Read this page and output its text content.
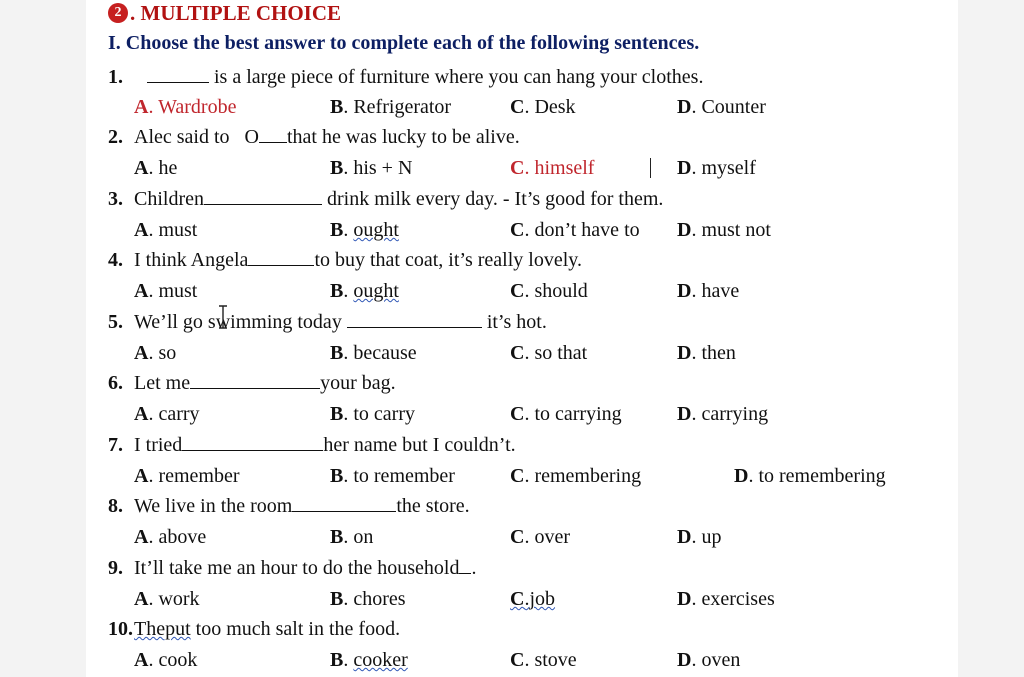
2 . MULTIPLE CHOICE
I. Choose the best answer to complete each of the following sentences.
1.	is a large piece of furniture where you can hang your clothes.
A. Wardrobe	B. Refrigerator	C. Desk	D. Counter
2. Alec said to O that he was lucky to be alive.
A. he	B. his + N	C. himself	D. myself
3. Children	drink milk every day. - It’s good for them.
A. must	B. ought	C. don’t have to D. must not
4. I think Angela	to buy that coat, it’s really lovely.
A. must	B. ought	C. should	D. have
5. We’ll go swimming today	it’s hot.
A. so	B. because	C. so that	D. then
6. Let me	your bag.
A. carry	B. to carry	C. to carrying	D. carrying
7. I tried	her name but I couldn’t.
A. remember	B. to remember	C. remembering	D. to remembering
8. We live in the room	the store.
A. above	B. on	C. over	D. up
9. It’ll take me an hour to do the household .
A. work	B. chores	C.job	D. exercises
10. Theput too much salt in the food.
A. cook	B. cooker	C. stove	D. oven
